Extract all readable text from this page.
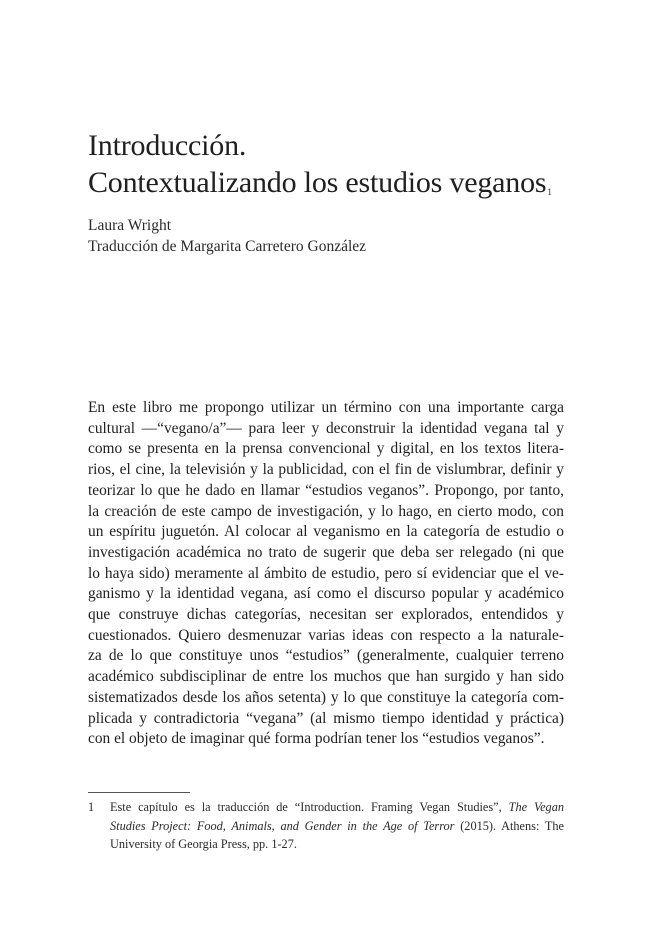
Introducción.
Contextualizando los estudios veganos$^1$
Laura Wright
Traducción de Margarita Carretero González
En este libro me propongo utilizar un término con una importante carga
cultural —“vegano/a”— para leer y deconstruir la identidad vegana tal y
como se presenta en la prensa convencional y digital, en los textos litera-
rios, el cine, la televisión y la publicidad, con el fin de vislumbrar, definir y
teorizar lo que he dado en llamar “estudios veganos”. Propongo, por tanto,
la creación de este campo de investigación, y lo hago, en cierto modo, con
un espíritu juguetón. Al colocar al veganismo en la categoría de estudio o
investigación académica no trato de sugerir que deba ser relegado (ni que
lo haya sido) meramente al ámbito de estudio, pero sí evidenciar que el ve-
ganismo y la identidad vegana, así como el discurso popular y académico
que construye dichas categorías, necesitan ser explorados, entendidos y
cuestionados. Quiero desmenuzar varias ideas con respecto a la naturale-
za de lo que constituye unos “estudios” (generalmente, cualquier terreno
académico subdisciplinar de entre los muchos que han surgido y han sido
sistematizados desde los años setenta) y lo que constituye la categoría com-
plicada y contradictoria “vegana” (al mismo tiempo identidad y práctica)
con el objeto de imaginar qué forma podrían tener los “estudios veganos”.
1 Este capítulo es la traducción de “Introduction. Framing Vegan Studies”, The Vegan
Studies Project: Food, Animals, and Gender in the Age of Terror (2015). Athens: The
University of Georgia Press, pp. 1-27.
